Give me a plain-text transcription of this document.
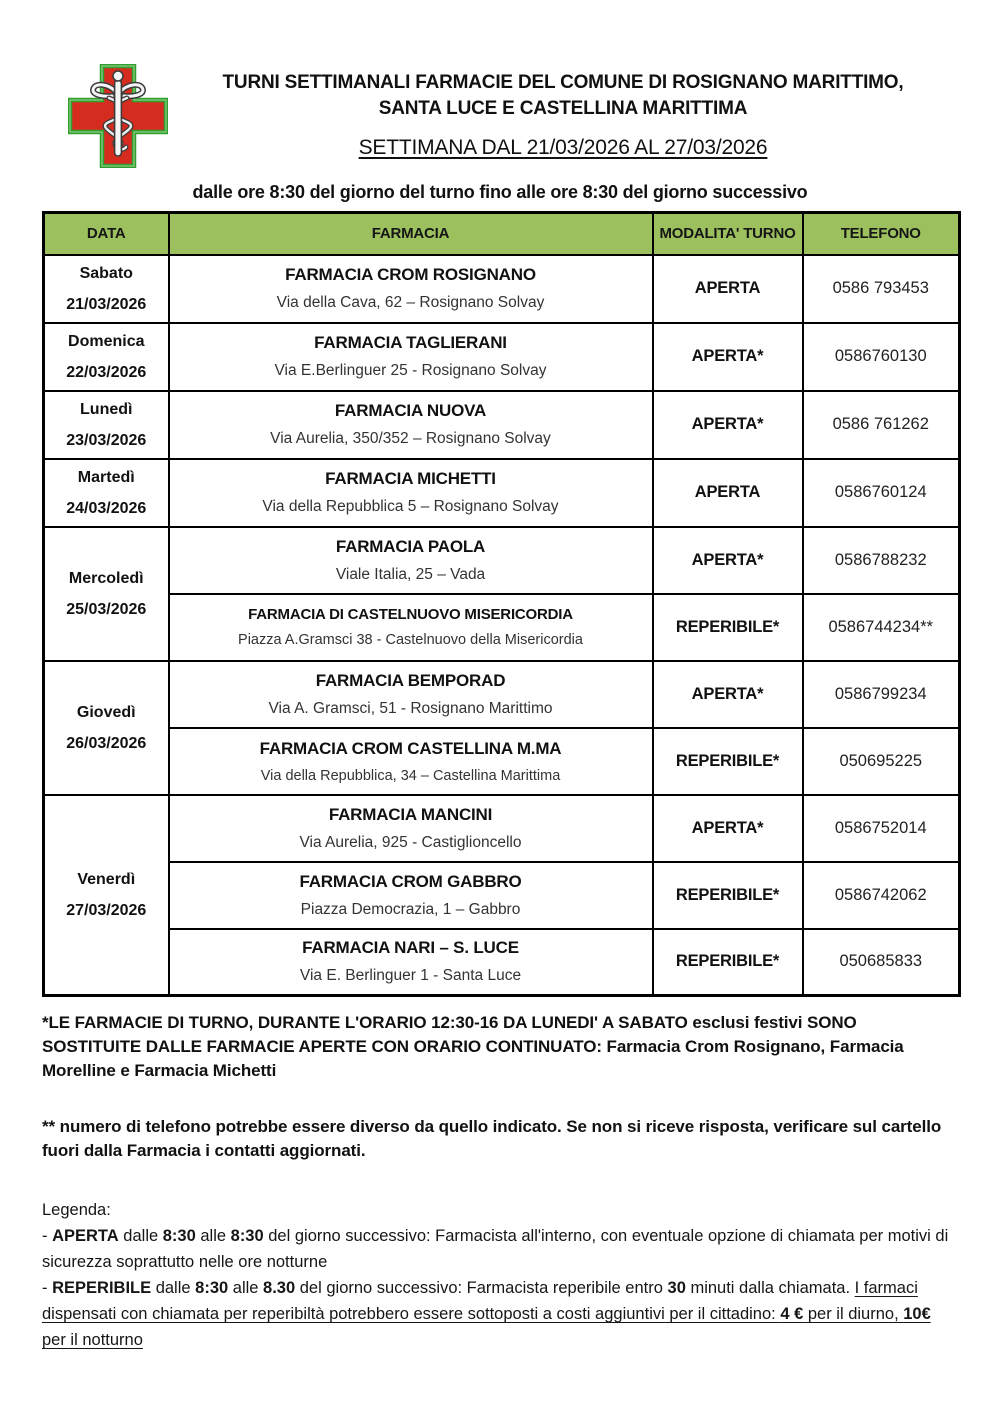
TURNI SETTIMANALI FARMACIE DEL COMUNE DI ROSIGNANO MARITTIMO,
SANTA LUCE E CASTELLINA MARITTIMA
SETTIMANA DAL 21/03/2026 AL 27/03/2026
dalle ore 8:30 del giorno del turno fino alle ore 8:30 del giorno successivo
DATA	FARMACIA	MODALITA' TURNO	TELEFONO

Sabato
21/03/2026

FARMACIA CROM ROSIGNANO
Via della Cava, 62 – Rosignano Solvay
	APERTA	0586 793453

Domenica
22/03/2026

FARMACIA TAGLIERANI
Via E.Berlinguer 25 - Rosignano Solvay
	APERTA*	0586760130

Lunedì
23/03/2026

FARMACIA NUOVA
Via Aurelia, 350/352 – Rosignano Solvay
	APERTA*	0586 761262

Martedì
24/03/2026

FARMACIA MICHETTI
Via della Repubblica 5 – Rosignano Solvay
	APERTA	0586760124

Mercoledì
25/03/2026

FARMACIA PAOLA
Viale Italia, 25 – Vada
	APERTA*	0586788232

	FARMACIA DI CASTELNUOVO MISERICORDIA
Piazza A.Gramsci 38 - Castelnuovo della Misericordia	REPERIBILE*	0586744234**

Giovedì
26/03/2026

FARMACIA BEMPORAD
Via A. Gramsci, 51 - Rosignano Marittimo
	APERTA*	0586799234

	FARMACIA CROM CASTELLINA M.MA
Via della Repubblica, 34 – Castellina Marittima	REPERIBILE*	050695225

Venerdì
27/03/2026

FARMACIA MANCINI
Via Aurelia, 925 - Castiglioncello
	APERTA*	0586752014

	FARMACIA CROM GABBRO
Piazza Democrazia, 1 – Gabbro	REPERIBILE*	0586742062

	FARMACIA NARI – S. LUCE
Via E. Berlinguer 1 - Santa Luce	REPERIBILE*	050685833

*LE FARMACIE DI TURNO, DURANTE L'ORARIO 12:30-16 DA LUNEDI' A SABATO esclusi festivi SONO SOSTITUITE DALLE FARMACIE APERTE CON ORARIO CONTINUATO: Farmacia Crom Rosignano, Farmacia Morelline e Farmacia Michetti

** numero di telefono potrebbe essere diverso da quello indicato. Se non si riceve risposta, verificare sul cartello fuori dalla Farmacia i contatti aggiornati.

Legenda:

- APERTA dalle 8:30 alle 8:30 del giorno successivo: Farmacista all'interno, con eventuale opzione di chiamata per motivi di sicurezza soprattutto nelle ore notturne

- REPERIBILE dalle 8:30 alle 8.30 del giorno successivo: Farmacista reperibile entro 30 minuti dalla chiamata. I farmaci dispensati con chiamata per reperibiltà potrebbero essere sottoposti a costi aggiuntivi per il cittadino: 4 € per il diurno, 10€ per il notturno
